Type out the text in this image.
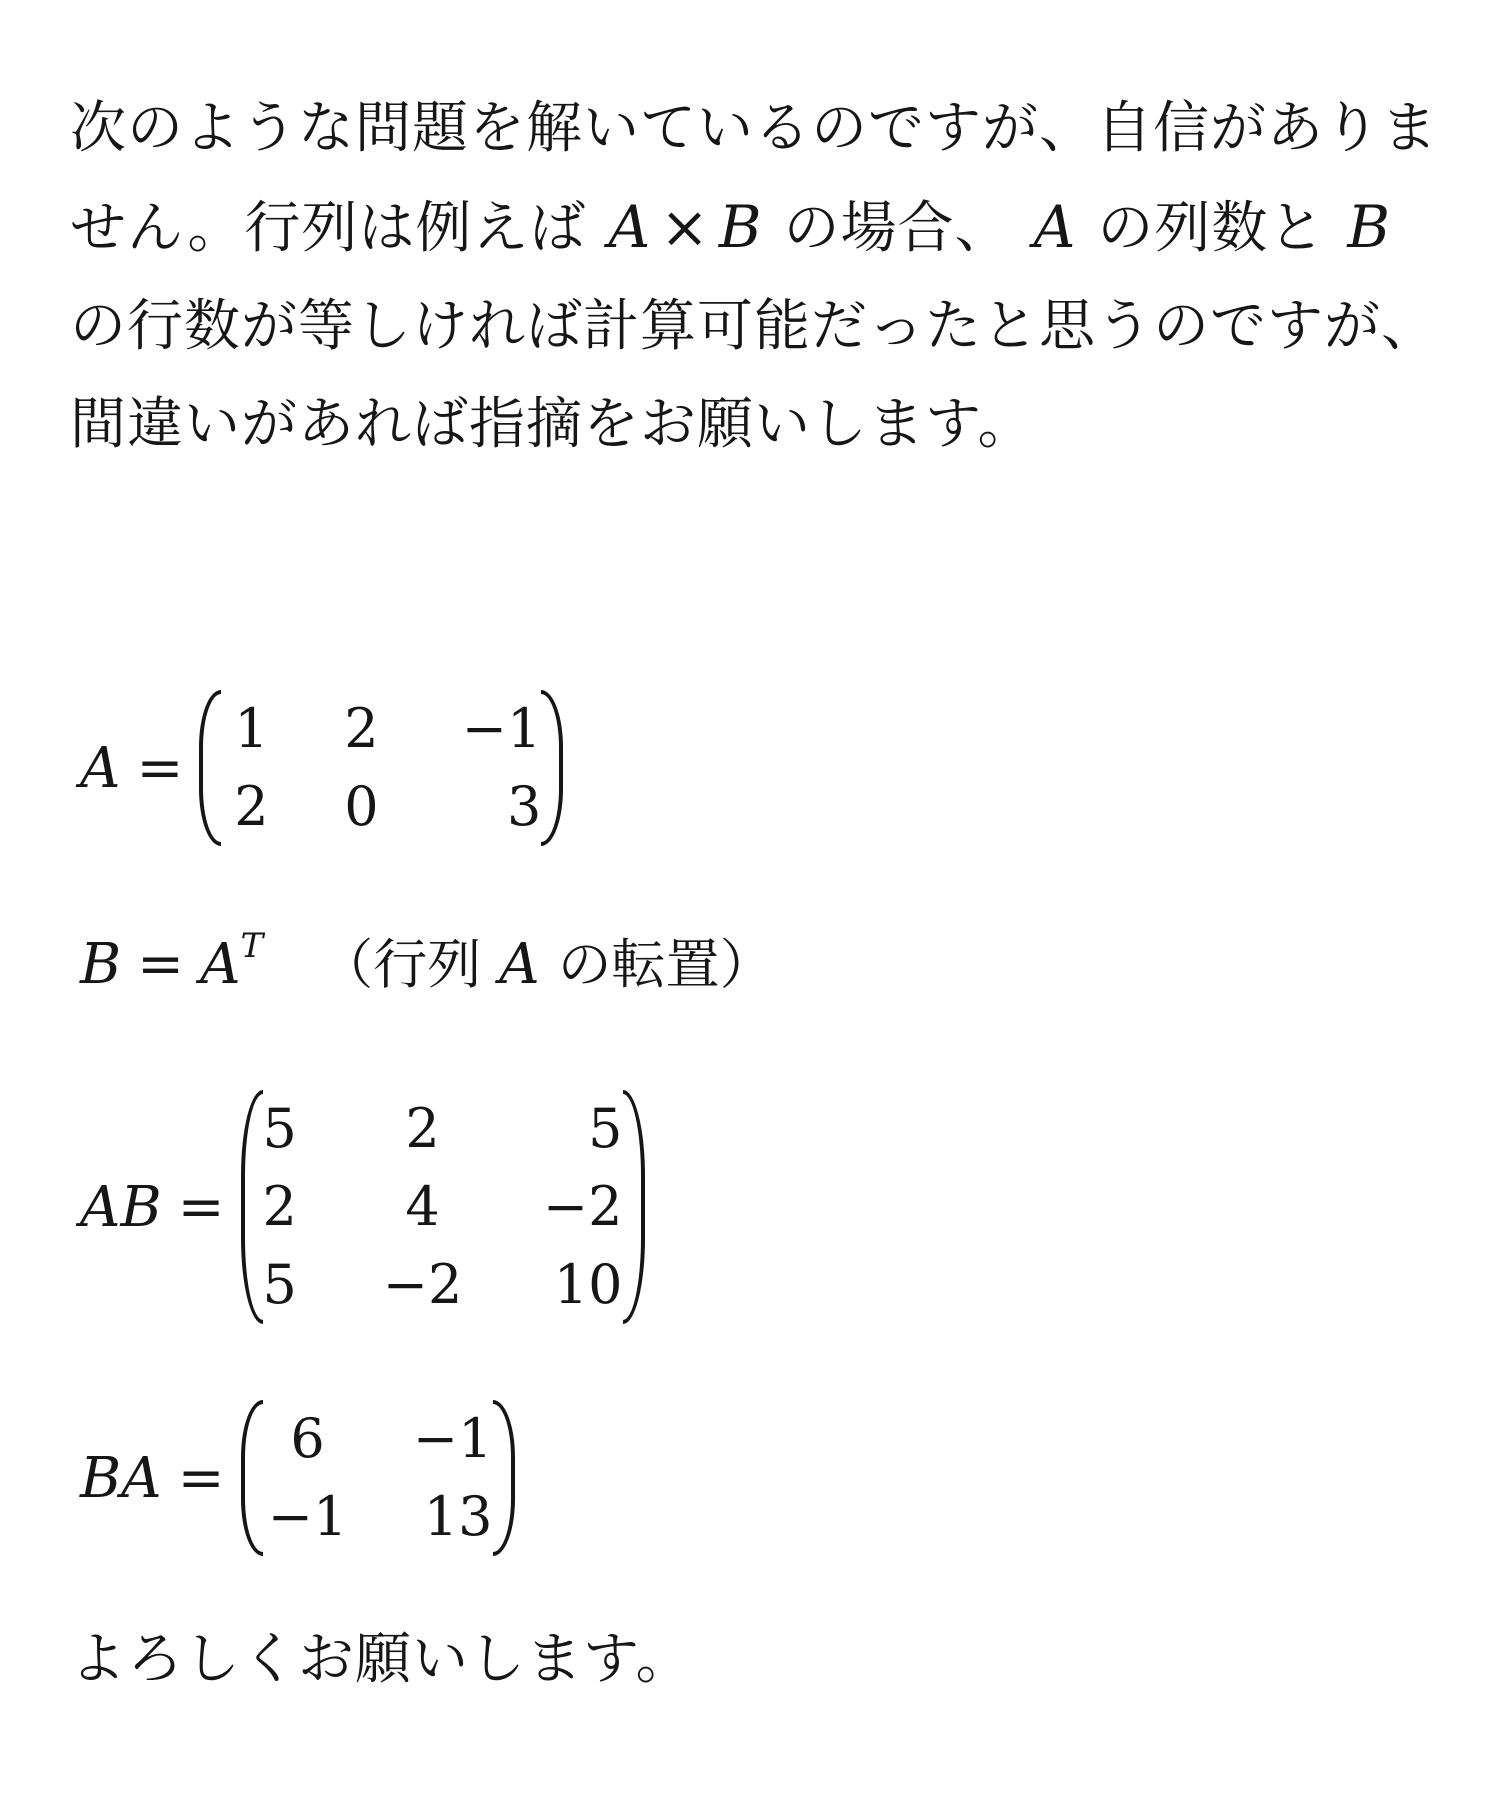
次のような問題を解いているのですが、自信がありません。行列は例えば A × B の場合、 A の列数と Bの行数が等しければ計算可能だったと思うのですが、間違いがあれば指摘をお願いします。
A =
1	2	−1
2	0	3
$B = A^T$ （行列 A の転置）
AB =
5	2	5
2	4	−2
5	−2	10
BA =
6	−1
−1	13
よろしくお願いします。
